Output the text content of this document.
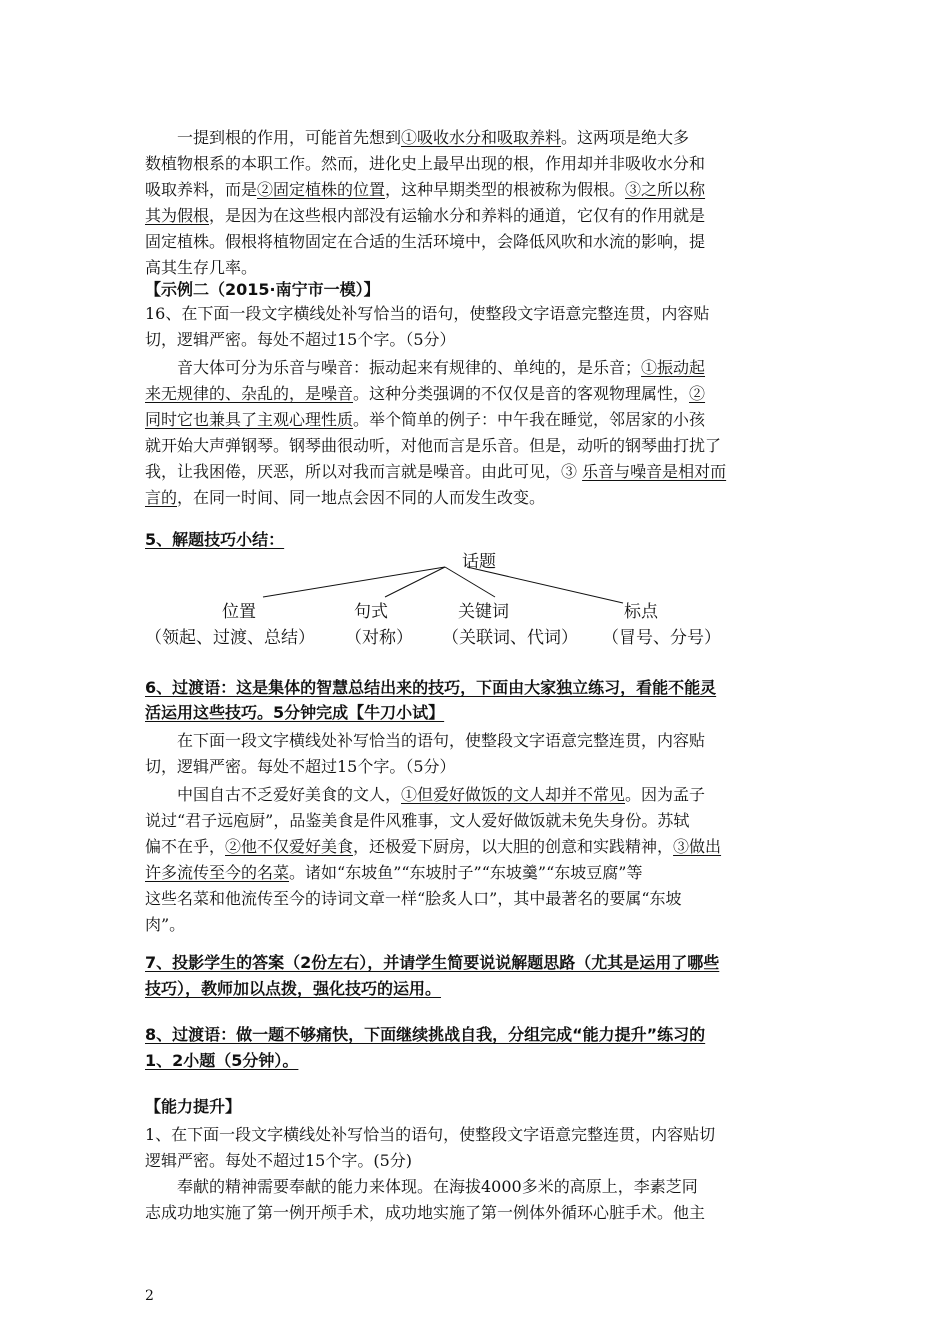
　　一提到根的作用，可能首先想到①吸收水分和吸取养料。这两项是绝大多
数植物根系的本职工作。然而，进化史上最早出现的根，作用却并非吸收水分和
吸取养料，而是②固定植株的位置，这种早期类型的根被称为假根。③之所以称
其为假根，是因为在这些根内部没有运输水分和养料的通道，它仅有的作用就是
固定植株。假根将植物固定在合适的生活环境中，会降低风吹和水流的影响，提
高其生存几率。
【示例二（2015·南宁市一模）】
16、在下面一段文字横线处补写恰当的语句，使整段文字语意完整连贯，内容贴
切，逻辑严密。每处不超过15个字。（5分）
　　音大体可分为乐音与噪音：振动起来有规律的、单纯的，是乐音；①振动起
来无规律的、杂乱的，是噪音。这种分类强调的不仅仅是音的客观物理属性，②
同时它也兼具了主观心理性质。举个简单的例子：中午我在睡觉，邻居家的小孩
就开始大声弹钢琴。钢琴曲很动听，对他而言是乐音。但是，动听的钢琴曲打扰了
我，让我困倦，厌恶，所以对我而言就是噪音。由此可见，③ 乐音与噪音是相对而
言的，在同一时间、同一地点会因不同的人而发生改变。
5、解题技巧小结：
6、过渡语：这是集体的智慧总结出来的技巧，下面由大家独立练习，看能不能灵
活运用这些技巧。5分钟完成【牛刀小试】
　　在下面一段文字横线处补写恰当的语句，使整段文字语意完整连贯，内容贴
切，逻辑严密。每处不超过15个字。（5分）
　　中国自古不乏爱好美食的文人，①但爱好做饭的文人却并不常见。因为孟子
说过“君子远庖厨”，品鉴美食是件风雅事，文人爱好做饭就未免失身份。苏轼
偏不在乎，②他不仅爱好美食，还极爱下厨房，以大胆的创意和实践精神，③做出
许多流传至今的名菜。诸如“东坡鱼”“东坡肘子”“东坡羹”“东坡豆腐”等
这些名菜和他流传至今的诗词文章一样“脍炙人口”，其中最著名的要属“东坡
肉”。
7、投影学生的答案（2份左右），并请学生简要说说解题思路（尤其是运用了哪些
技巧），教师加以点拨，强化技巧的运用。
8、过渡语：做一题不够痛快，下面继续挑战自我，分组完成“能力提升”练习的
1、2小题（5分钟）。
【能力提升】
1、在下面一段文字横线处补写恰当的语句，使整段文字语意完整连贯，内容贴切
逻辑严密。每处不超过15个字。(5分)
　　奉献的精神需要奉献的能力来体现。在海拔4000多米的高原上，李素芝同
志成功地实施了第一例开颅手术，成功地实施了第一例体外循环心脏手术。他主
话题
位置	句式	关键词	标点
（领起、过渡、总结） （对称） （关联词、代词） （冒号、分号）
2
